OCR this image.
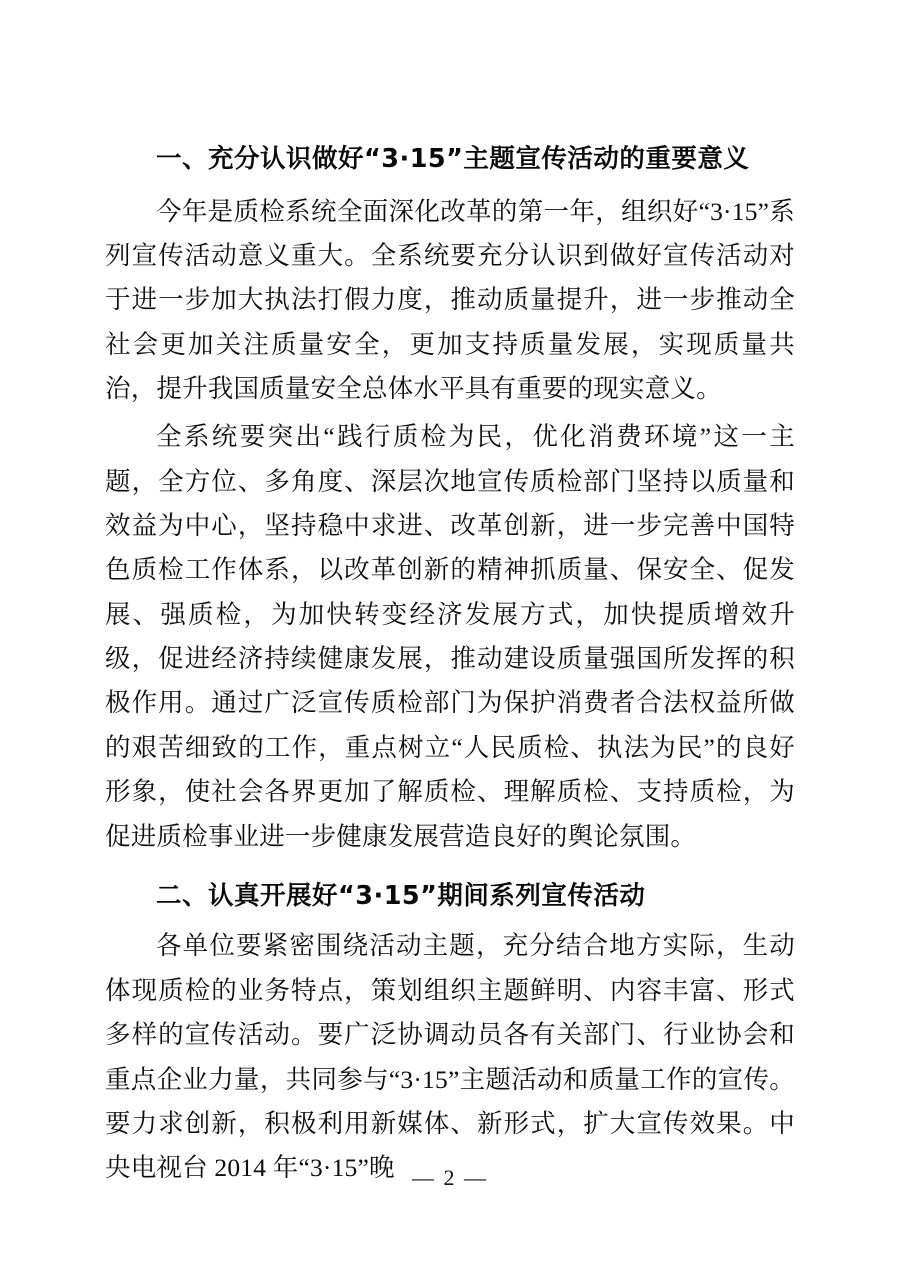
一、充分认识做好“3·15”主题宣传活动的重要意义

今年是质检系统全面深化改革的第一年，组织好“3·15”系列宣传活动意义重大。全系统要充分认识到做好宣传活动对于进一步加大执法打假力度，推动质量提升，进一步推动全社会更加关注质量安全，更加支持质量发展，实现质量共治，提升我国质量安全总体水平具有重要的现实意义。

全系统要突出“践行质检为民，优化消费环境”这一主题，全方位、多角度、深层次地宣传质检部门坚持以质量和效益为中心，坚持稳中求进、改革创新，进一步完善中国特色质检工作体系，以改革创新的精神抓质量、保安全、促发展、强质检，为加快转变经济发展方式，加快提质增效升级，促进经济持续健康发展，推动建设质量强国所发挥的积极作用。通过广泛宣传质检部门为保护消费者合法权益所做的艰苦细致的工作，重点树立“人民质检、执法为民”的良好形象，使社会各界更加了解质检、理解质检、支持质检，为促进质检事业进一步健康发展营造良好的舆论氛围。

二、认真开展好“3·15”期间系列宣传活动

各单位要紧密围绕活动主题，充分结合地方实际，生动体现质检的业务特点，策划组织主题鲜明、内容丰富、形式多样的宣传活动。要广泛协调动员各有关部门、行业协会和重点企业力量，共同参与“3·15”主题活动和质量工作的宣传。要力求创新，积极利用新媒体、新形式，扩大宣传效果。中央电视台 2014 年“3·15”晚 — 2 —
